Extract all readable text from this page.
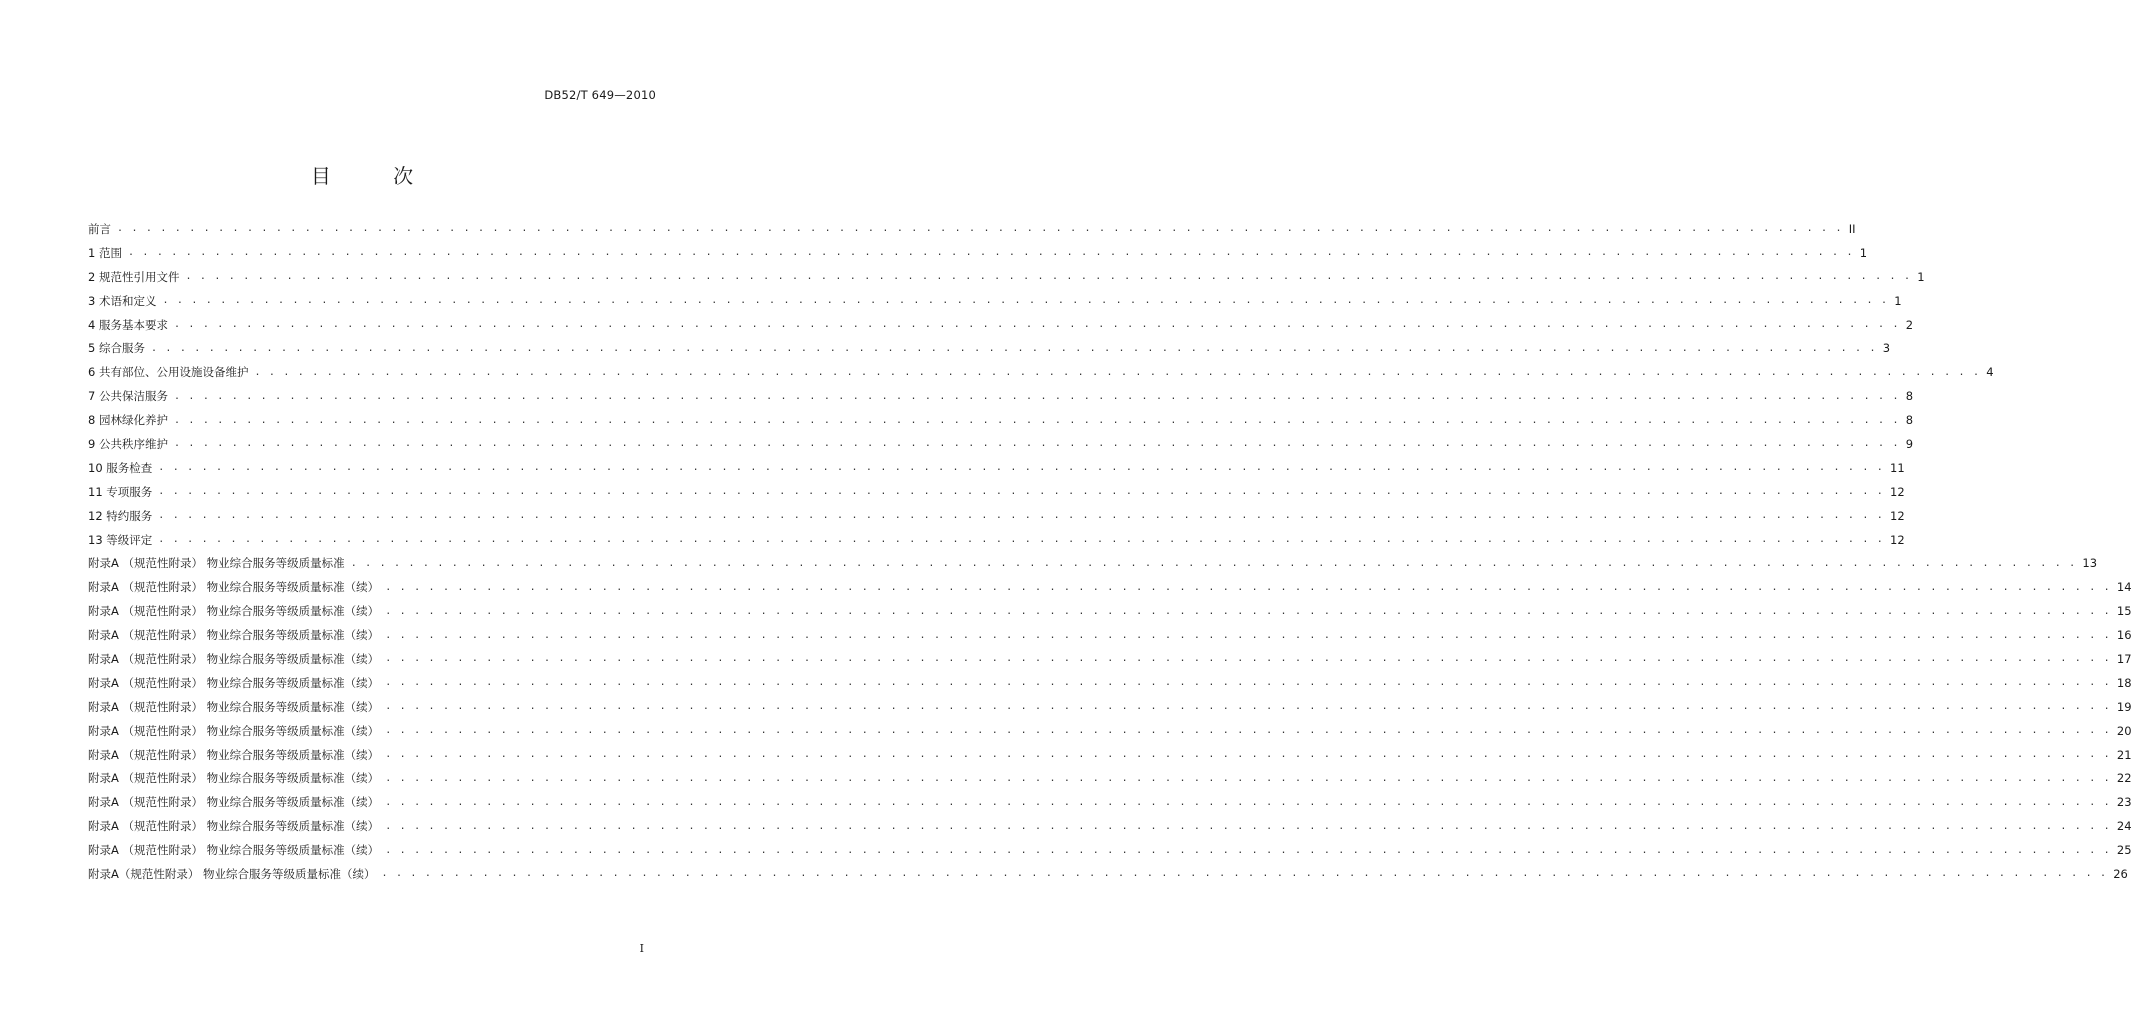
DB52/T 649—2010
目 次
前言 . . . . . . . . . . . . . . . . . . . . . . . . . . . . . . . . . . . . . . . . . . . . . . . . . . . . . . . . . . . . . . . . . . . . . . . . . . . . . . . . . . . . . . . . . . . . . . . . . . . . . . . . . . . . . . . . . . . . . . . . II
1 范围 . . . . . . . . . . . . . . . . . . . . . . . . . . . . . . . . . . . . . . . . . . . . . . . . . . . . . . . . . . . . . . . . . . . . . . . . . . . . . . . . . . . . . . . . . . . . . . . . . . . . . . . . . . . . . . . . . . . . . . . . 1
2 规范性引用文件 . . . . . . . . . . . . . . . . . . . . . . . . . . . . . . . . . . . . . . . . . . . . . . . . . . . . . . . . . . . . . . . . . . . . . . . . . . . . . . . . . . . . . . . . . . . . . . . . . . . . . . . . . . . . . . . . . . . . . . . . 1
3 术语和定义 . . . . . . . . . . . . . . . . . . . . . . . . . . . . . . . . . . . . . . . . . . . . . . . . . . . . . . . . . . . . . . . . . . . . . . . . . . . . . . . . . . . . . . . . . . . . . . . . . . . . . . . . . . . . . . . . . . . . . . . . 1
4 服务基本要求 . . . . . . . . . . . . . . . . . . . . . . . . . . . . . . . . . . . . . . . . . . . . . . . . . . . . . . . . . . . . . . . . . . . . . . . . . . . . . . . . . . . . . . . . . . . . . . . . . . . . . . . . . . . . . . . . . . . . . . . . 2
5 综合服务 . . . . . . . . . . . . . . . . . . . . . . . . . . . . . . . . . . . . . . . . . . . . . . . . . . . . . . . . . . . . . . . . . . . . . . . . . . . . . . . . . . . . . . . . . . . . . . . . . . . . . . . . . . . . . . . . . . . . . . . . 3
6 共有部位、公用设施设备维护 . . . . . . . . . . . . . . . . . . . . . . . . . . . . . . . . . . . . . . . . . . . . . . . . . . . . . . . . . . . . . . . . . . . . . . . . . . . . . . . . . . . . . . . . . . . . . . . . . . . . . . . . . . . . . . . . . . . . . . . . 4
7 公共保洁服务 . . . . . . . . . . . . . . . . . . . . . . . . . . . . . . . . . . . . . . . . . . . . . . . . . . . . . . . . . . . . . . . . . . . . . . . . . . . . . . . . . . . . . . . . . . . . . . . . . . . . . . . . . . . . . . . . . . . . . . . . 8
8 园林绿化养护 . . . . . . . . . . . . . . . . . . . . . . . . . . . . . . . . . . . . . . . . . . . . . . . . . . . . . . . . . . . . . . . . . . . . . . . . . . . . . . . . . . . . . . . . . . . . . . . . . . . . . . . . . . . . . . . . . . . . . . . . 8
9 公共秩序维护 . . . . . . . . . . . . . . . . . . . . . . . . . . . . . . . . . . . . . . . . . . . . . . . . . . . . . . . . . . . . . . . . . . . . . . . . . . . . . . . . . . . . . . . . . . . . . . . . . . . . . . . . . . . . . . . . . . . . . . . . 9
10 服务检查 . . . . . . . . . . . . . . . . . . . . . . . . . . . . . . . . . . . . . . . . . . . . . . . . . . . . . . . . . . . . . . . . . . . . . . . . . . . . . . . . . . . . . . . . . . . . . . . . . . . . . . . . . . . . . . . . . . . . . . . . 11
11 专项服务 . . . . . . . . . . . . . . . . . . . . . . . . . . . . . . . . . . . . . . . . . . . . . . . . . . . . . . . . . . . . . . . . . . . . . . . . . . . . . . . . . . . . . . . . . . . . . . . . . . . . . . . . . . . . . . . . . . . . . . . . 12
12 特约服务 . . . . . . . . . . . . . . . . . . . . . . . . . . . . . . . . . . . . . . . . . . . . . . . . . . . . . . . . . . . . . . . . . . . . . . . . . . . . . . . . . . . . . . . . . . . . . . . . . . . . . . . . . . . . . . . . . . . . . . . . 12
13 等级评定 . . . . . . . . . . . . . . . . . . . . . . . . . . . . . . . . . . . . . . . . . . . . . . . . . . . . . . . . . . . . . . . . . . . . . . . . . . . . . . . . . . . . . . . . . . . . . . . . . . . . . . . . . . . . . . . . . . . . . . . . 12
附录A （规范性附录） 物业综合服务等级质量标准 . . . . . . . . . . . . . . . . . . . . . . . . . . . . . . . . . . . . . . . . . . . . . . . . . . . . . . . . . . . . . . . . . . . . . . . . . . . . . . . . . . . . . . . . . . . . . . . . . . . . . . . . . . . . . . . . . . . . . . . . 13
附录A （规范性附录） 物业综合服务等级质量标准（续） . . . . . . . . . . . . . . . . . . . . . . . . . . . . . . . . . . . . . . . . . . . . . . . . . . . . . . . . . . . . . . . . . . . . . . . . . . . . . . . . . . . . . . . . . . . . . . . . . . . . . . . . . . . . . . . . . . . . . . . . 14
附录A （规范性附录） 物业综合服务等级质量标准（续） . . . . . . . . . . . . . . . . . . . . . . . . . . . . . . . . . . . . . . . . . . . . . . . . . . . . . . . . . . . . . . . . . . . . . . . . . . . . . . . . . . . . . . . . . . . . . . . . . . . . . . . . . . . . . . . . . . . . . . . . 15
附录A （规范性附录） 物业综合服务等级质量标准（续） . . . . . . . . . . . . . . . . . . . . . . . . . . . . . . . . . . . . . . . . . . . . . . . . . . . . . . . . . . . . . . . . . . . . . . . . . . . . . . . . . . . . . . . . . . . . . . . . . . . . . . . . . . . . . . . . . . . . . . . . 16
附录A （规范性附录） 物业综合服务等级质量标准（续） . . . . . . . . . . . . . . . . . . . . . . . . . . . . . . . . . . . . . . . . . . . . . . . . . . . . . . . . . . . . . . . . . . . . . . . . . . . . . . . . . . . . . . . . . . . . . . . . . . . . . . . . . . . . . . . . . . . . . . . . 17
附录A （规范性附录） 物业综合服务等级质量标准（续） . . . . . . . . . . . . . . . . . . . . . . . . . . . . . . . . . . . . . . . . . . . . . . . . . . . . . . . . . . . . . . . . . . . . . . . . . . . . . . . . . . . . . . . . . . . . . . . . . . . . . . . . . . . . . . . . . . . . . . . . 18
附录A （规范性附录） 物业综合服务等级质量标准（续） . . . . . . . . . . . . . . . . . . . . . . . . . . . . . . . . . . . . . . . . . . . . . . . . . . . . . . . . . . . . . . . . . . . . . . . . . . . . . . . . . . . . . . . . . . . . . . . . . . . . . . . . . . . . . . . . . . . . . . . . 19
附录A （规范性附录） 物业综合服务等级质量标准（续） . . . . . . . . . . . . . . . . . . . . . . . . . . . . . . . . . . . . . . . . . . . . . . . . . . . . . . . . . . . . . . . . . . . . . . . . . . . . . . . . . . . . . . . . . . . . . . . . . . . . . . . . . . . . . . . . . . . . . . . . 20
附录A （规范性附录） 物业综合服务等级质量标准（续） . . . . . . . . . . . . . . . . . . . . . . . . . . . . . . . . . . . . . . . . . . . . . . . . . . . . . . . . . . . . . . . . . . . . . . . . . . . . . . . . . . . . . . . . . . . . . . . . . . . . . . . . . . . . . . . . . . . . . . . . 21
附录A （规范性附录） 物业综合服务等级质量标准（续） . . . . . . . . . . . . . . . . . . . . . . . . . . . . . . . . . . . . . . . . . . . . . . . . . . . . . . . . . . . . . . . . . . . . . . . . . . . . . . . . . . . . . . . . . . . . . . . . . . . . . . . . . . . . . . . . . . . . . . . . 22
附录A （规范性附录） 物业综合服务等级质量标准（续） . . . . . . . . . . . . . . . . . . . . . . . . . . . . . . . . . . . . . . . . . . . . . . . . . . . . . . . . . . . . . . . . . . . . . . . . . . . . . . . . . . . . . . . . . . . . . . . . . . . . . . . . . . . . . . . . . . . . . . . . 23
附录A （规范性附录） 物业综合服务等级质量标准（续） . . . . . . . . . . . . . . . . . . . . . . . . . . . . . . . . . . . . . . . . . . . . . . . . . . . . . . . . . . . . . . . . . . . . . . . . . . . . . . . . . . . . . . . . . . . . . . . . . . . . . . . . . . . . . . . . . . . . . . . . 24
附录A （规范性附录） 物业综合服务等级质量标准（续） . . . . . . . . . . . . . . . . . . . . . . . . . . . . . . . . . . . . . . . . . . . . . . . . . . . . . . . . . . . . . . . . . . . . . . . . . . . . . . . . . . . . . . . . . . . . . . . . . . . . . . . . . . . . . . . . . . . . . . . . 25
附录A（规范性附录） 物业综合服务等级质量标准（续） . . . . . . . . . . . . . . . . . . . . . . . . . . . . . . . . . . . . . . . . . . . . . . . . . . . . . . . . . . . . . . . . . . . . . . . . . . . . . . . . . . . . . . . . . . . . . . . . . . . . . . . . . . . . . . . . . . . . . . . . 26
I
